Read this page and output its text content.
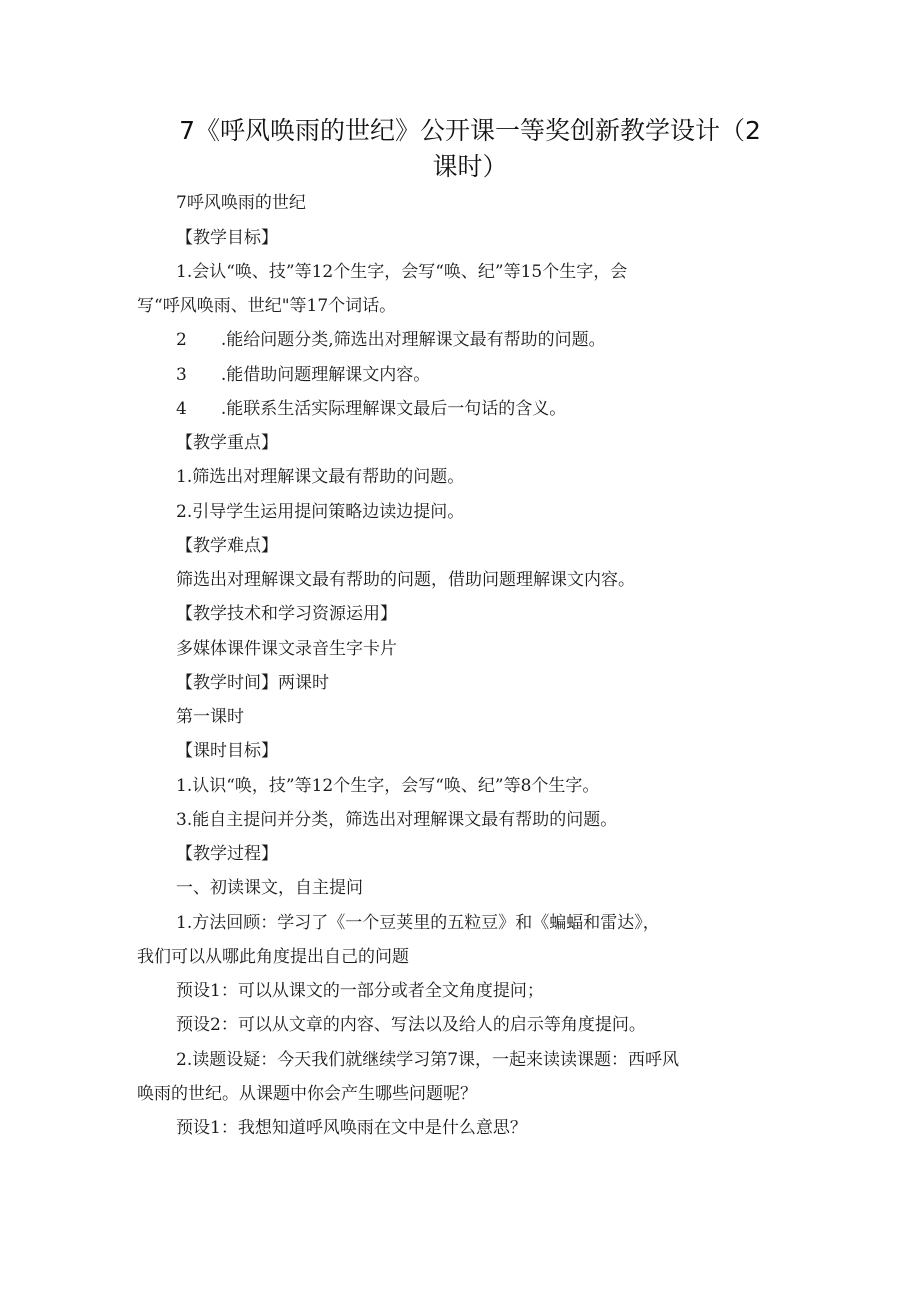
7《呼风唤雨的世纪》公开课一等奖创新教学设计（2
课时）

7呼风唤雨的世纪

【教学目标】

1.会认“唤、技”等12个生字，会写“唤、纪”等15个生字，会

写“呼风唤雨、世纪"等17个词话。

2 .能给问题分类,筛选出对理解课文最有帮助的问题。

3 .能借助问题理解课文内容。

4 .能联系生活实际理解课文最后一句话的含义。

【教学重点】

1.筛选出对理解课文最有帮助的问题。

2.引导学生运用提问策略边读边提问。

【教学难点】

筛选出对理解课文最有帮助的问题，借助问题理解课文内容。

【教学技术和学习资源运用】

多媒体课件课文录音生字卡片

【教学时间】两课时

第一课时

【课时目标】

1.认识“唤，技”等12个生字，会写“唤、纪”等8个生字。

3.能自主提问并分类，筛选出对理解课文最有帮助的问题。

【教学过程】

一、初读课文，自主提问

1.方法回顾：学习了《一个豆荚里的五粒豆》和《蝙蝠和雷达》，

我们可以从哪此角度提出自己的问题

预设1：可以从课文的一部分或者全文角度提问；

预设2：可以从文章的内容、写法以及给人的启示等角度提问。

2.读题设疑：今天我们就继续学习第7课，一起来读读课题：西呼风

唤雨的世纪。从课题中你会产生哪些问题呢？

预设1：我想知道呼风唤雨在文中是什么意思？
